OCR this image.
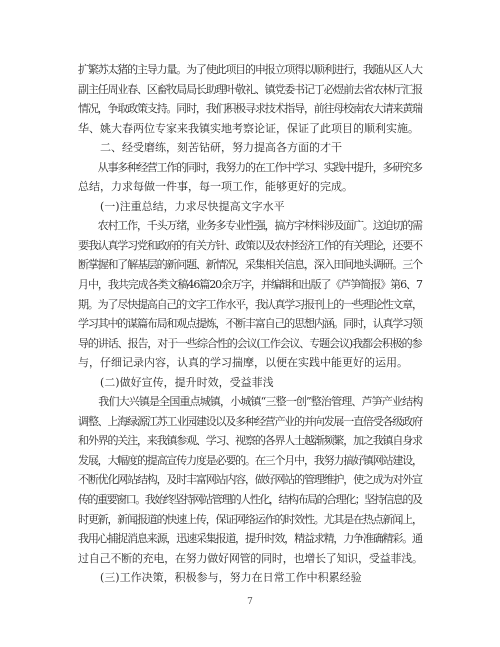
扩繁苏太猪的主导力量。为了使此项目的申报立项得以顺利进行，我随从区人大
副主任周业春、区畜牧局局长助理叶敬礼、镇党委书记丁必煜前去省农林厅汇报
情况，争取政策支持。同时，我们积极寻求技术指导，前往母校南农大请来黄瑞
华、姚大春两位专家来我镇实地考察论证，保证了此项目的顺利实施。
　　二、经受磨练，刻苦钻研，努力提高各方面的才干
　　从事多种经营工作的同时，我努力的在工作中学习、实践中提升，多研究多
总结，力求每做一件事，每一项工作，能够更好的完成。
　　(一)注重总结，力求尽快提高文字水平
　　农村工作，千头万绪，业务多专业性强，搞方字材料涉及面广。这迫切的需
要我认真学习党和政府的有关方针、政策以及农村经济工作的有关理论，还要不
断掌握和了解基层的新问题、新情况，采集相关信息，深入田间地头调研。三个
月中，我共完成各类文稿46篇20余万字，并编辑和出版了《芦笋简报》第6、7
期。为了尽快提高自己的文字工作水平，我认真学习报刊上的一些理论性文章，
学习其中的谋篇布局和观点提炼，不断丰富自己的思想内涵。同时，认真学习领
导的讲话、报告，对于一些综合性的会议(工作会议、专题会议)我都会积极的参
与，仔细记录内容，认真的学习揣摩，以便在实践中能更好的运用。
　　(二)做好宣传，提升时效，受益菲浅
　　我们大兴镇是全国重点城镇，小城镇“三整一创”整治管理、芦笋产业结构
调整、上海绿源江苏工业园建设以及多种经营产业的并向发展一直倍受各级政府
和外界的关注，来我镇参观、学习、视察的各界人士越渐频繁，加之我镇自身求
发展，大幅度的提高宣传力度是必要的。在三个月中，我努力搞好镇网站建设，
不断优化网站结构，及时丰富网站内容，做好网站的管理维护，使之成为对外宣
传的重要窗口。我始终坚持网站管理的人性化，结构布局的合理化；坚持信息的及
时更新，新闻报道的快速上传，保证网络运作的时效性。尤其是在热点新闻上，
我用心捕捉消息来源，迅速采集报道，提升时效，精益求精，力争准确精彩。通
过自己不断的充电，在努力做好网管的同时，也增长了知识，受益菲浅。
　　(三)工作决策，积极参与，努力在日常工作中积累经验
7
